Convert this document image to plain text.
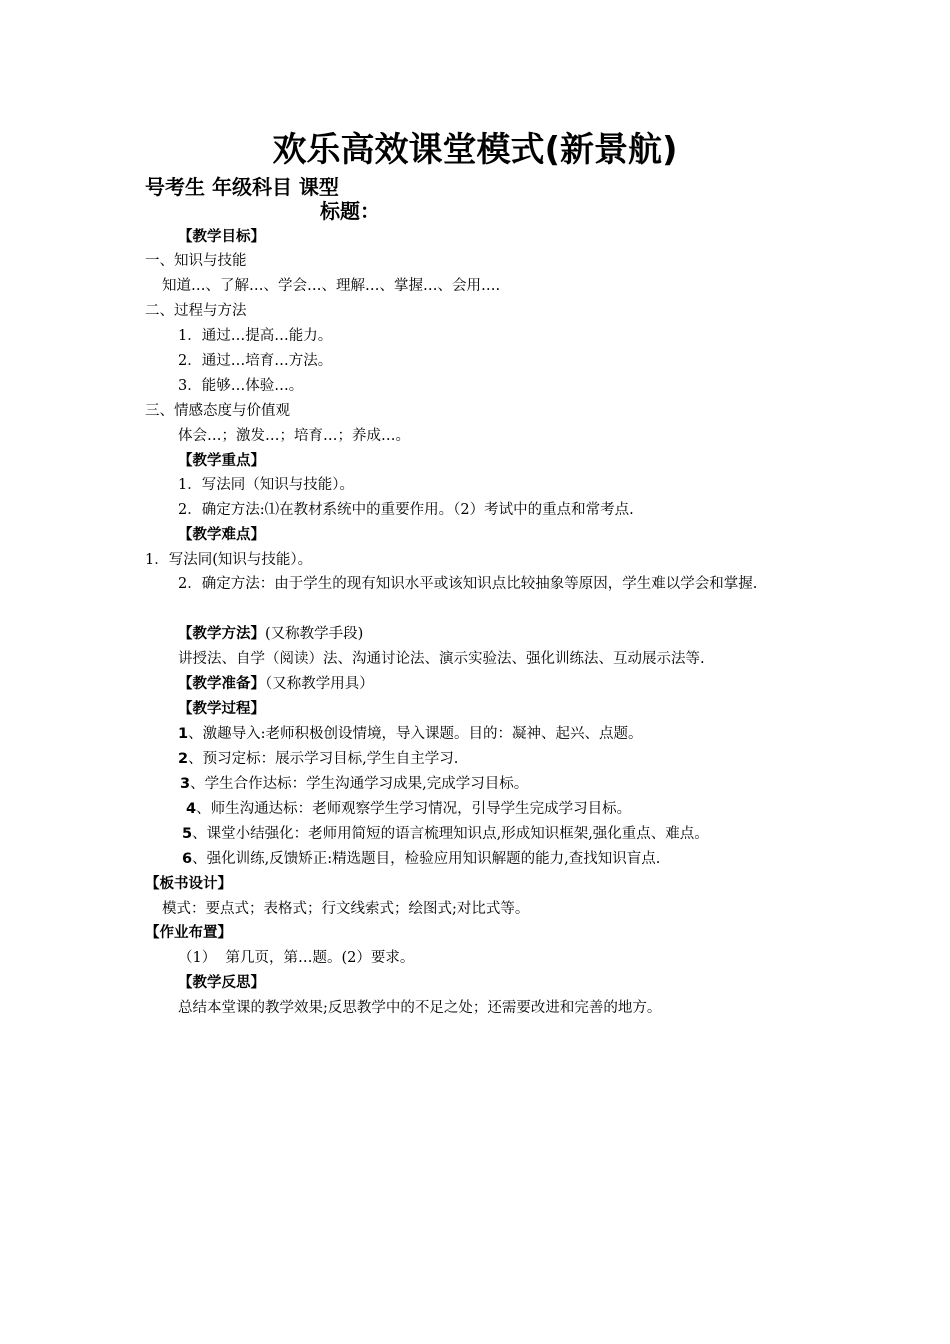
欢乐高效课堂模式(新景航)
号考生 年级科目 课型
标题：
【教学目标】
一、知识与技能
知道…、了解…、学会…、理解…、掌握…、会用….
二、过程与方法
1．通过…提高…能力。
2．通过…培育…方法。
3．能够…体验…。
三、情感态度与价值观
体会…；激发…；培育…；养成…。
【教学重点】
1．写法同（知识与技能）。
2．确定方法:⑴在教材系统中的重要作用。（2）考试中的重点和常考点.
【教学难点】
1．写法同(知识与技能）。
2．确定方法：由于学生的现有知识水平或该知识点比较抽象等原因，学生难以学会和掌握.
【教学方法】(又称教学手段)
讲授法、自学（阅读）法、沟通讨论法、演示实验法、强化训练法、互动展示法等.
【教学准备】（又称教学用具）
【教学过程】
1、激趣导入:老师积极创设情境，导入课题。目的：凝神、起兴、点题。
2、预习定标：展示学习目标,学生自主学习.
3、学生合作达标：学生沟通学习成果,完成学习目标。
4、师生沟通达标：老师观察学生学习情况，引导学生完成学习目标。
5、课堂小结强化：老师用简短的语言梳理知识点,形成知识框架,强化重点、难点。
6、强化训练,反馈矫正:精选题目，检验应用知识解题的能力,查找知识盲点.
【板书设计】
模式：要点式；表格式；行文线索式；绘图式;对比式等。
【作业布置】
（1）  第几页，第…题。(2）要求。
【教学反思】
总结本堂课的教学效果;反思教学中的不足之处；还需要改进和完善的地方。
